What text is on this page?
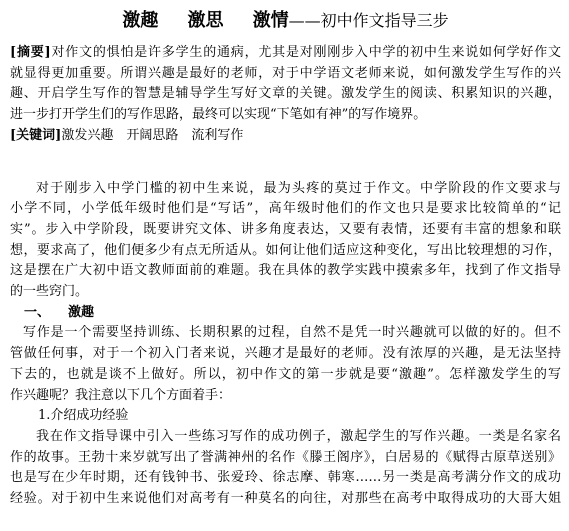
激趣 激思 激情——初中作文指导三步
[摘要]对作文的惧怕是许多学生的通病，尤其是对刚刚步入中学的初中生来说如何学好作文
就显得更加重要。所谓兴趣是最好的老师，对于中学语文老师来说，如何激发学生写作的兴
趣、开启学生写作的智慧是辅导学生写好文章的关键。激发学生的阅读、积累知识的兴趣，
进一步打开学生们的写作思路，最终可以实现“下笔如有神”的写作境界。
[关键词]激发兴趣　开阔思路　流利写作
对于刚步入中学门槛的初中生来说，最为头疼的莫过于作文。中学阶段的作文要求与
小学不同，小学低年级时他们是“写话”，高年级时他们的作文也只是要求比较简单的“记
实”。步入中学阶段，既要讲究文体、讲多角度表达，又要有表情，还要有丰富的想象和联
想，要求高了，他们便多少有点无所适从。如何让他们适应这种变化，写出比较理想的习作，
这是摆在广大初中语文教师面前的难题。我在具体的教学实践中摸索多年，找到了作文指导
的一些窍门。
一、 激趣
写作是一个需要坚持训练、长期积累的过程，自然不是凭一时兴趣就可以做的好的。但不
管做任何事，对于一个初入门者来说，兴趣才是最好的老师。没有浓厚的兴趣，是无法坚持
下去的，也就是谈不上做好。所以，初中作文的第一步就是要“激趣”。怎样激发学生的写
作兴趣呢？我注意以下几个方面着手：
1.介绍成功经验
我在作文指导课中引入一些练习写作的成功例子，激起学生的写作兴趣。一类是名家名
作的故事。王勃十来岁就写出了誉满神州的名作《滕王阁序》，白居易的《赋得古原草送别》
也是写在少年时期，还有钱钟书、张爱玲、徐志摩、韩寒……另一类是高考满分作文的成功
经验。对于初中生来说他们对高考有一种莫名的向往，对那些在高考中取得成功的大哥大姐
